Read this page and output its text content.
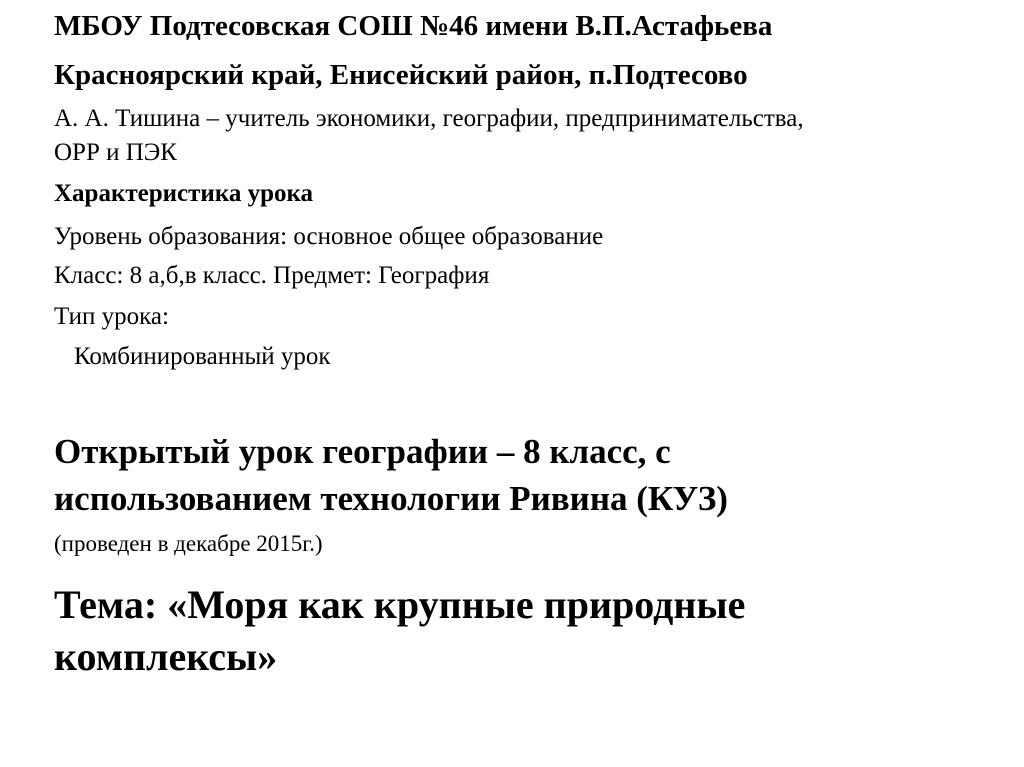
МБОУ Подтесовская СОШ №46 имени В.П.Астафьева
Красноярский край, Енисейский район, п.Подтесово
А. А. Тишина – учитель экономики, географии, предпринимательства,
ОРР и ПЭК
Характеристика урока
Уровень образования: основное общее образование
Класс: 8 а,б,в класс. Предмет: География
Тип урока:
Комбинированный урок
Открытый урок географии – 8 класс, с
использованием технологии Ривина (КУЗ)
(проведен в декабре 2015г.)
Тема: «Моря как крупные природные
комплексы»
